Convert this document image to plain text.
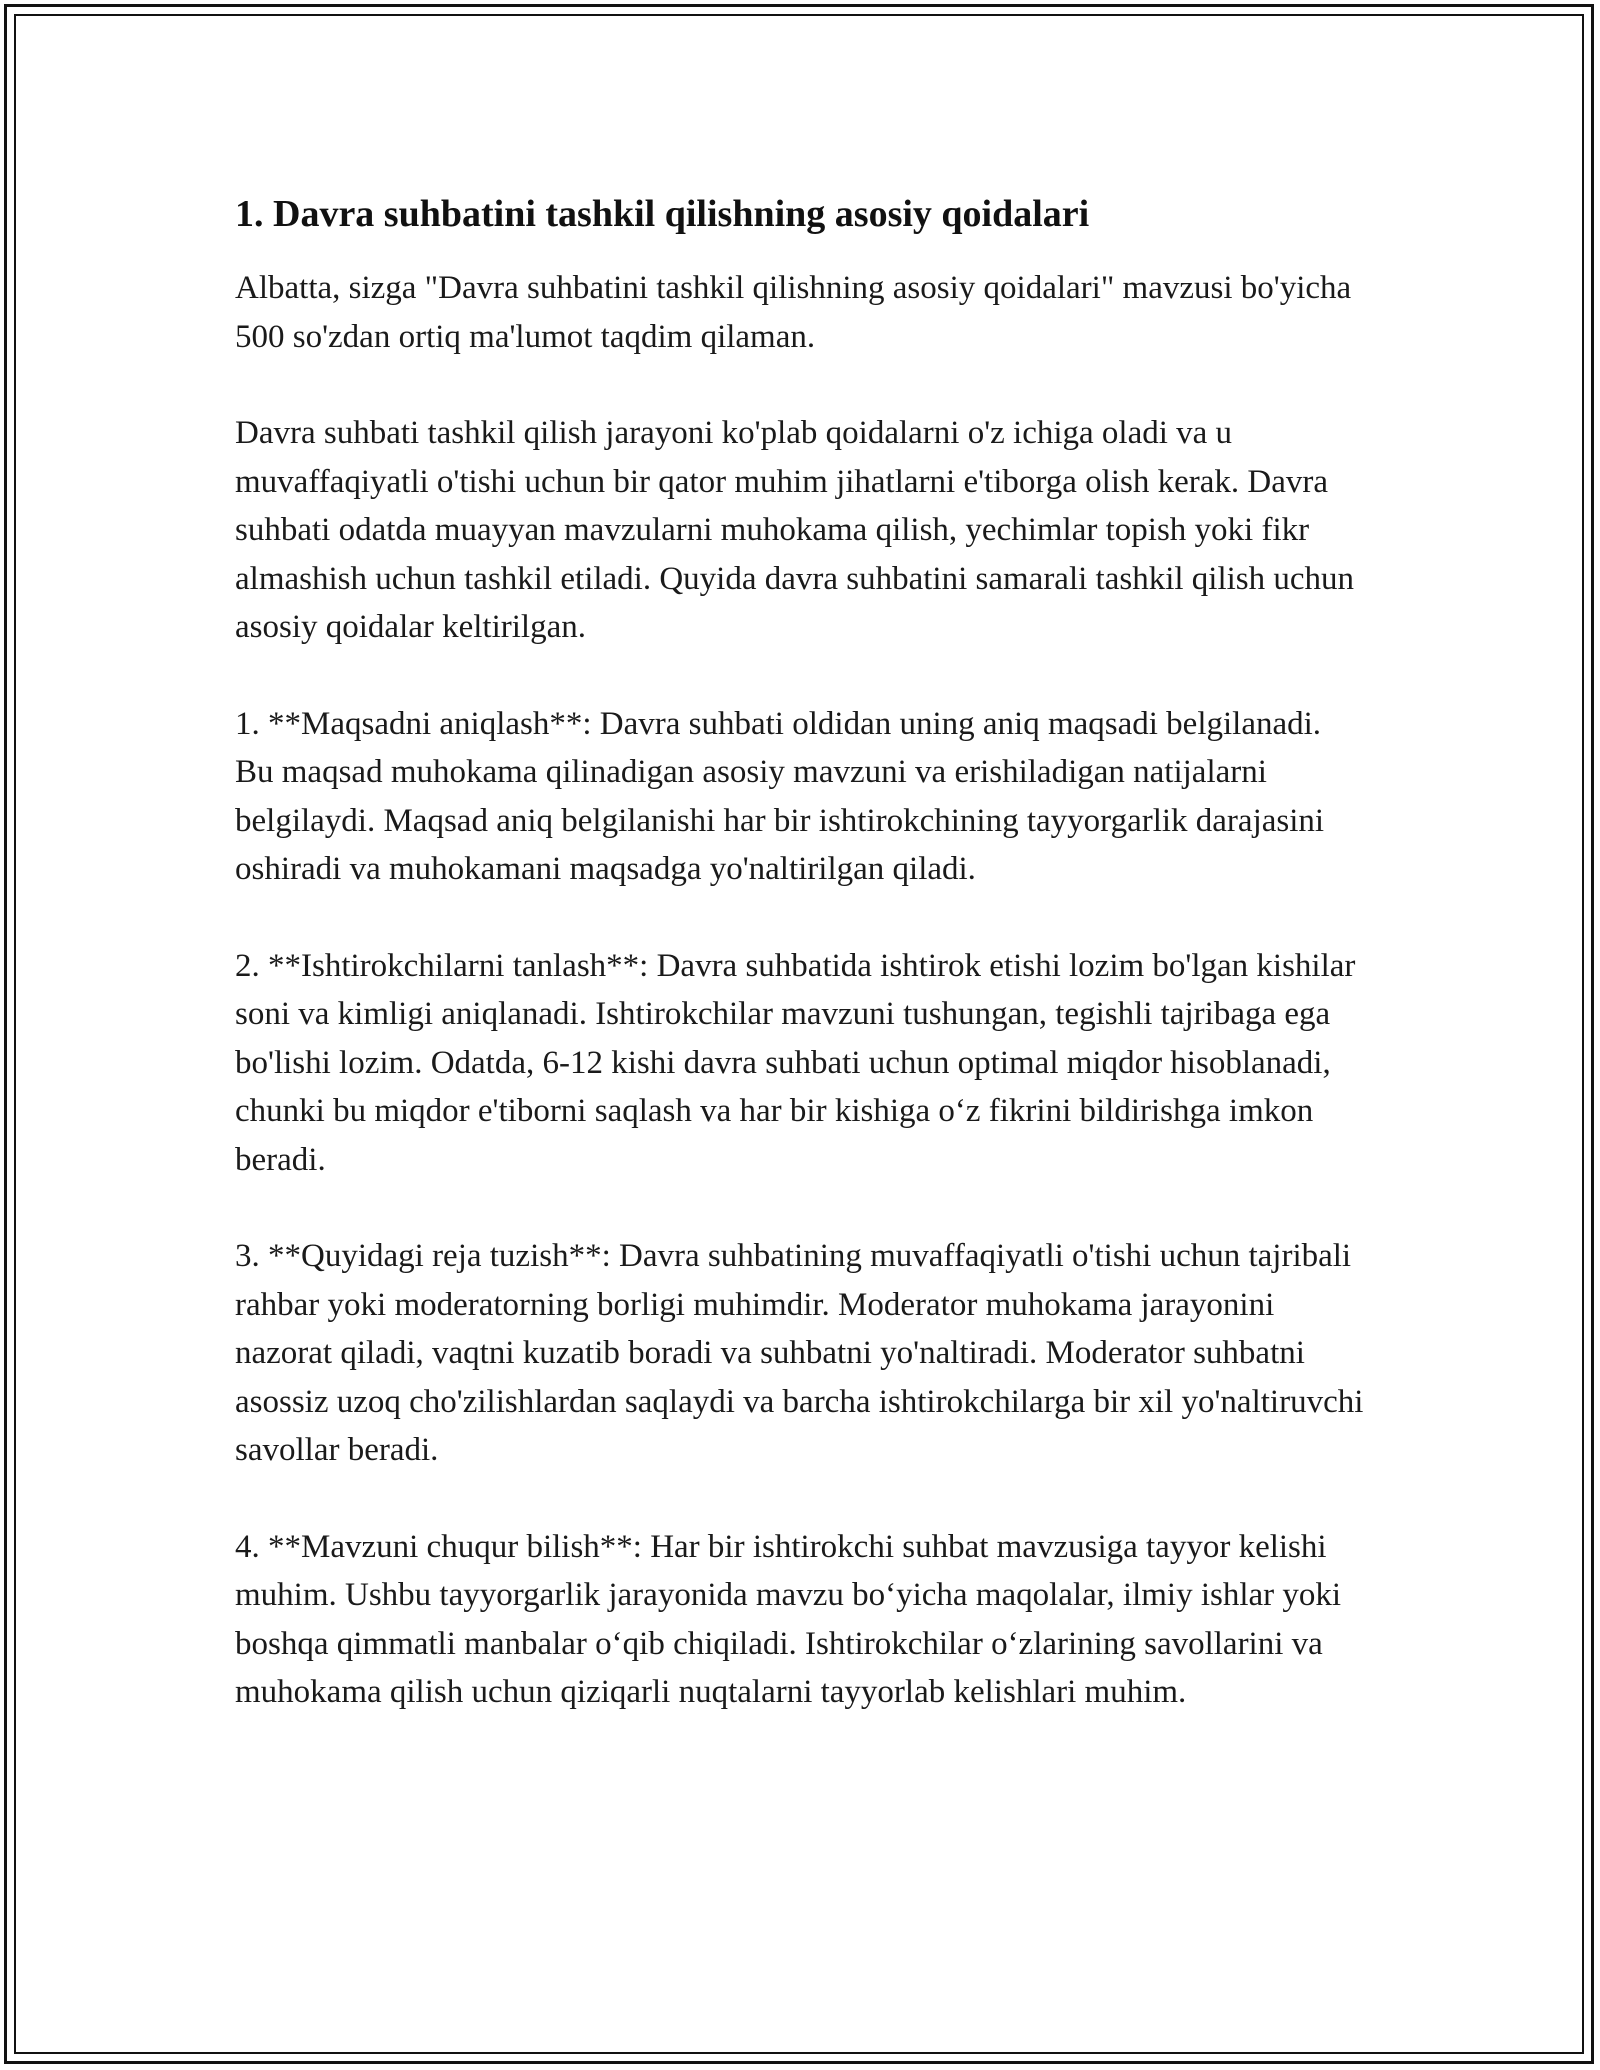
1. Davra suhbatini tashkil qilishning asosiy qoidalari

Albatta, sizga "Davra suhbatini tashkil qilishning asosiy qoidalari" mavzusi bo'yicha 500 so'zdan ortiq ma'lumot taqdim qilaman.

Davra suhbati tashkil qilish jarayoni ko'plab qoidalarni o'z ichiga oladi va u muvaffaqiyatli o'tishi uchun bir qator muhim jihatlarni e'tiborga olish kerak. Davra suhbati odatda muayyan mavzularni muhokama qilish, yechimlar topish yoki fikr almashish uchun tashkil etiladi. Quyida davra suhbatini samarali tashkil qilish uchun asosiy qoidalar keltirilgan.

1. **Maqsadni aniqlash**: Davra suhbati oldidan uning aniq maqsadi belgilanadi. Bu maqsad muhokama qilinadigan asosiy mavzuni va erishiladigan natijalarni belgilaydi. Maqsad aniq belgilanishi har bir ishtirokchining tayyorgarlik darajasini oshiradi va muhokamani maqsadga yo'naltirilgan qiladi.

2. **Ishtirokchilarni tanlash**: Davra suhbatida ishtirok etishi lozim bo'lgan kishilar soni va kimligi aniqlanadi. Ishtirokchilar mavzuni tushungan, tegishli tajribaga ega bo'lishi lozim. Odatda, 6-12 kishi davra suhbati uchun optimal miqdor hisoblanadi, chunki bu miqdor e'tiborni saqlash va har bir kishiga o‘z fikrini bildirishga imkon beradi.

3. **Quyidagi reja tuzish**: Davra suhbatining muvaffaqiyatli o'tishi uchun tajribali rahbar yoki moderatorning borligi muhimdir. Moderator muhokama jarayonini nazorat qiladi, vaqtni kuzatib boradi va suhbatni yo'naltiradi. Moderator suhbatni asossiz uzoq cho'zilishlardan saqlaydi va barcha ishtirokchilarga bir xil yo'naltiruvchi savollar beradi.

4. **Mavzuni chuqur bilish**: Har bir ishtirokchi suhbat mavzusiga tayyor kelishi muhim. Ushbu tayyorgarlik jarayonida mavzu bo‘yicha maqolalar, ilmiy ishlar yoki boshqa qimmatli manbalar o‘qib chiqiladi. Ishtirokchilar o‘zlarining savollarini va muhokama qilish uchun qiziqarli nuqtalarni tayyorlab kelishlari muhim.
